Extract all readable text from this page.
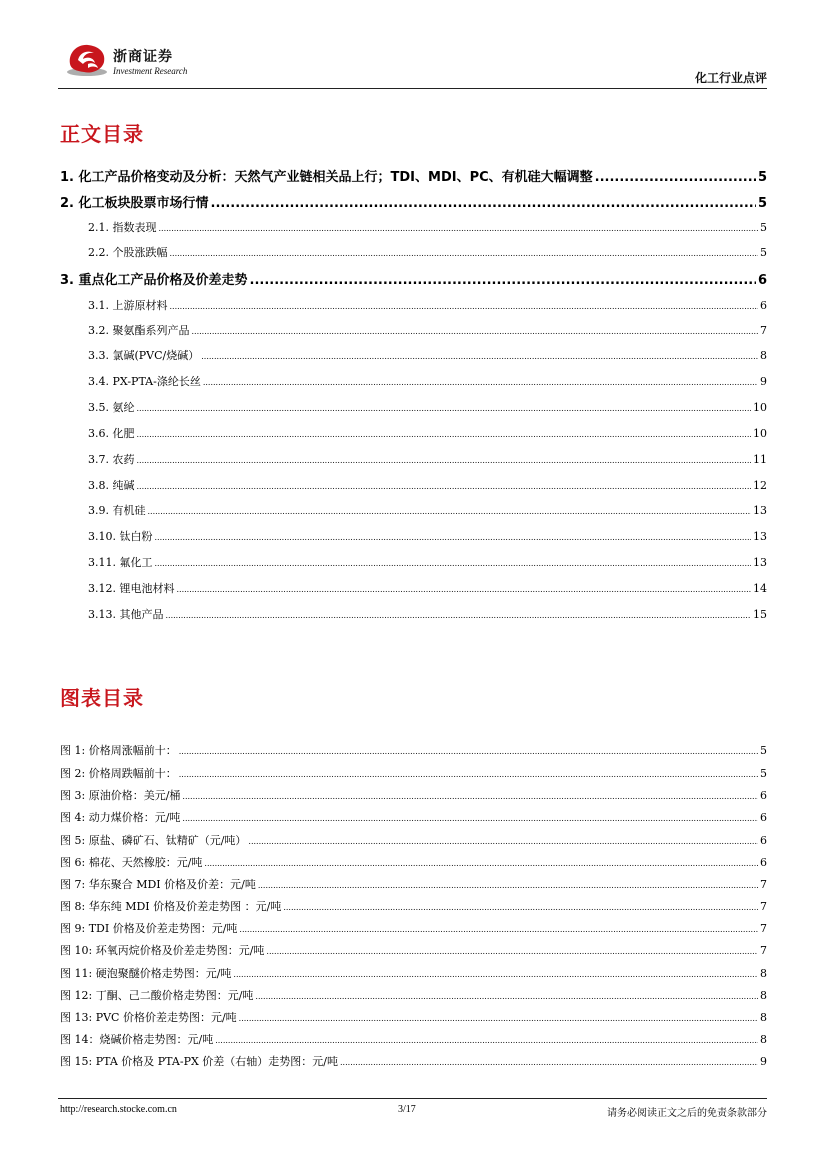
浙商证券
Investment Research	化工行业点评
正文目录
1. 化工产品价格变动及分析：天然气产业链相关品上行；TDI、MDI、PC、有机硅大幅调整 .....	5
2. 化工板块股票市场行情 .....	5
2.1. 指数表现 .....	5
2.2. 个股涨跌幅 .....	5
3. 重点化工产品价格及价差走势 .....	6
3.1. 上游原材料 .....	6
3.2. 聚氨酯系列产品 .....	7
3.3. 氯碱(PVC/烧碱） .....	8
3.4. PX-PTA-涤纶长丝 .....	9
3.5. 氨纶 .....	10
3.6. 化肥 .....	10
3.7. 农药 .....	11
3.8. 纯碱 .....	12
3.9. 有机硅 .....	13
3.10. 钛白粉 .....	13
3.11. 氟化工 .....	13
3.12. 锂电池材料 .....	14
3.13. 其他产品 .....	15
图表目录
图 1: 价格周涨幅前十： .....	5
图 2: 价格周跌幅前十： .....	5
图 3: 原油价格：美元/桶 .....	6
图 4: 动力煤价格：元/吨 .....	6
图 5: 原盐、磷矿石、钛精矿（元/吨） .....	6
图 6: 棉花、天然橡胶：元/吨 .....	6
图 7: 华东聚合 MDI 价格及价差：元/吨 .....	7
图 8: 华东纯 MDI 价格及价差走势图 ：元/吨 .....	7
图 9: TDI 价格及价差走势图：元/吨 .....	7
图 10: 环氧丙烷价格及价差走势图：元/吨 .....	7
图 11: 硬泡聚醚价格走势图：元/吨 .....	8
图 12: 丁酮、己二酸价格走势图：元/吨 .....	8
图 13: PVC 价格价差走势图：元/吨 .....	8
图 14：烧碱价格走势图：元/吨 .....	8
图 15: PTA 价格及 PTA-PX 价差（右轴）走势图：元/吨 .....	9
http://research.stocke.com.cn	3/17	请务必阅读正文之后的免责条款部分
